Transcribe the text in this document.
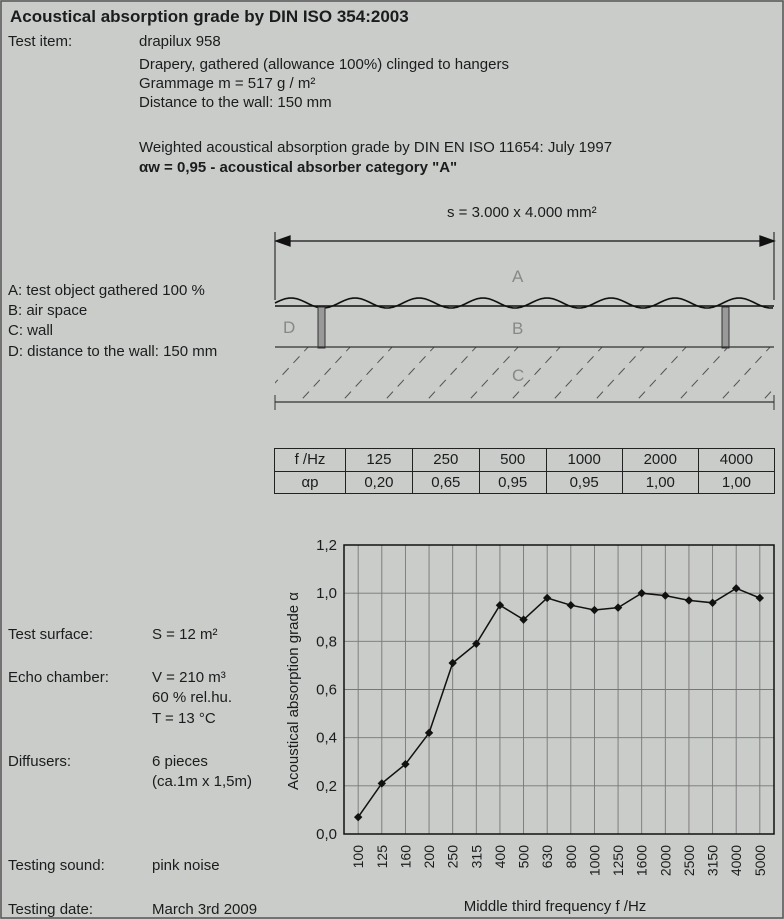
Acoustical absorption grade by DIN ISO 354:2003
Test item:	drapilux 958
Drapery, gathered (allowance 100%) clinged to hangers
Grammage m = 517 g / m²
Distance to the wall: 150 mm
Weighted acoustical absorption grade by DIN EN ISO 11654: July 1997
αw = 0,95 - acoustical absorber category "A"
s = 3.000 x 4.000 mm²
A: test object gathered 100 %
B: air space
C: wall
D: distance to the wall: 150 mm
A
B
C
D
f /Hz	125	250	500	1000	2000	4000
αp	0,20	0,65	0,95	0,95	1,00	1,00
Test surface:	S = 12 m²
Echo chamber:	V = 210 m³
60 % rel.hu.
T = 13 °C
Diffusers:	6 pieces
(ca.1m x 1,5m)
Testing sound:	pink noise
Testing date:	March 3rd 2009
0,0
0,2
0,4
0,6
0,8
1,0
1,2
100 125 160 200 250 315 400 500 630 800 1000 1250 1600 2000 2500 3150 4000 5000
Acoustical absorption grade α
Middle third frequency f /Hz
